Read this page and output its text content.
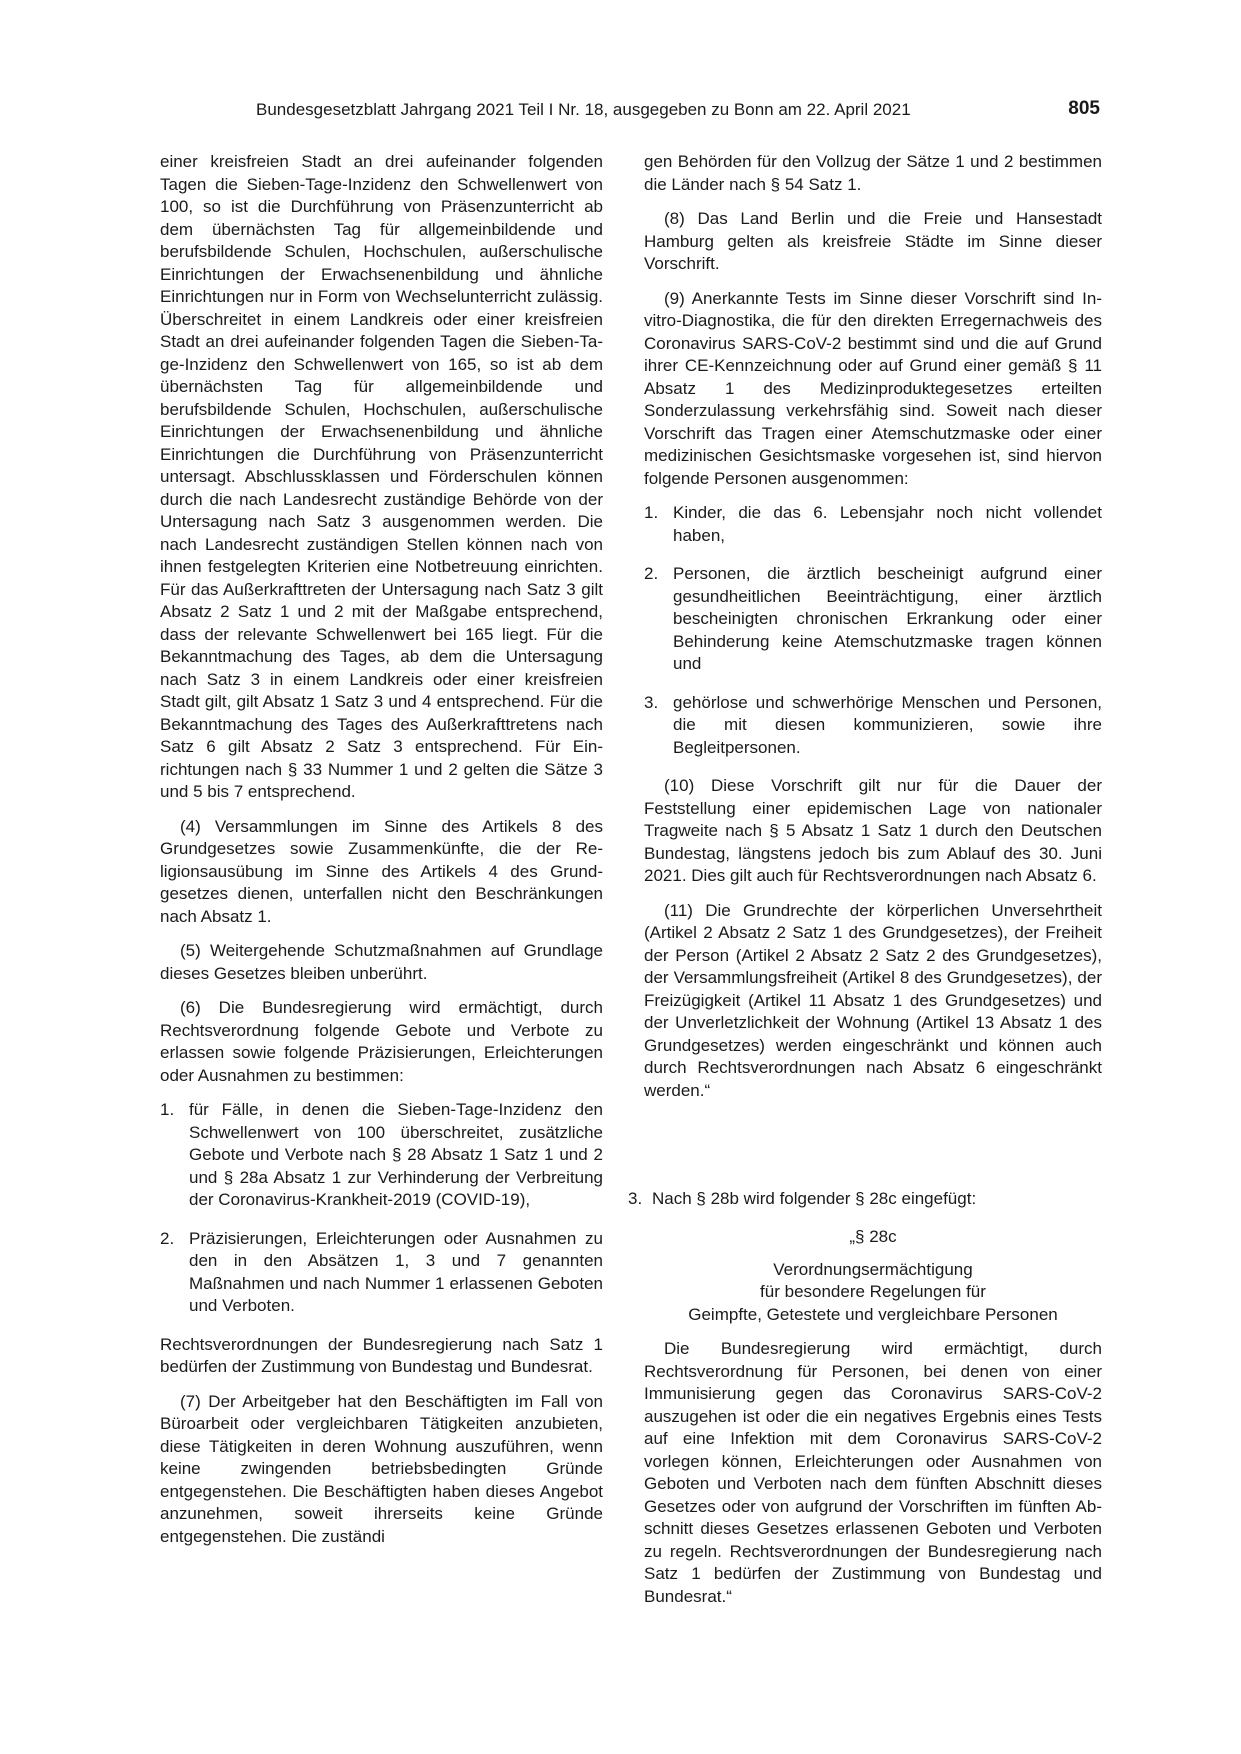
Bundesgesetzblatt Jahrgang 2021 Teil I Nr. 18, ausgegeben zu Bonn am 22. April 2021	805

einer kreisfreien Stadt an drei aufeinander folgenden Tagen die Sieben-Tage-Inzidenz den Schwellenwert von 100, so ist die Durchführung von Präsenzunterricht ab dem übernächsten Tag für allgemeinbildende und berufsbildende Schulen, Hochschulen, außerschulische Einrichtungen der Erwachsenenbildung und ähnliche Einrichtungen nur in Form von Wechselunterricht zulässig. Überschreitet in einem Landkreis oder einer kreisfreien Stadt an drei aufeinander folgenden Tagen die Sieben-Tage-Inzidenz den Schwellenwert von 165, so ist ab dem übernächsten Tag für allgemeinbildende und berufsbildende Schulen, Hochschulen, außerschulische Einrichtungen der Erwachsenenbildung und ähnliche Einrichtungen die Durchführung von Präsenzunterricht untersagt. Abschlussklassen und Förderschulen können durch die nach Landesrecht zuständige Behörde von der Untersagung nach Satz 3 ausgenommen werden. Die nach Landesrecht zuständigen Stellen können nach von ihnen festgelegten Kriterien eine Notbetreuung einrichten. Für das Außerkrafttreten der Untersagung nach Satz 3 gilt Absatz 2 Satz 1 und 2 mit der Maßgabe entsprechend, dass der relevante Schwellenwert bei 165 liegt. Für die Bekanntmachung des Tages, ab dem die Untersagung nach Satz 3 in einem Landkreis oder einer kreisfreien Stadt gilt, gilt Absatz 1 Satz 3 und 4 entsprechend. Für die Bekanntmachung des Tages des Außerkrafttretens nach Satz 6 gilt Absatz 2 Satz 3 entsprechend. Für Einrichtungen nach § 33 Nummer 1 und 2 gelten die Sätze 3 und 5 bis 7 entsprechend.

(4) Versammlungen im Sinne des Artikels 8 des Grundgesetzes sowie Zusammenkünfte, die der Religionsausübung im Sinne des Artikels 4 des Grundgesetzes dienen, unterfallen nicht den Beschränkungen nach Absatz 1.

(5) Weitergehende Schutzmaßnahmen auf Grundlage dieses Gesetzes bleiben unberührt.

(6) Die Bundesregierung wird ermächtigt, durch Rechtsverordnung folgende Gebote und Verbote zu erlassen sowie folgende Präzisierungen, Erleichterungen oder Ausnahmen zu bestimmen:

1. für Fälle, in denen die Sieben-Tage-Inzidenz den Schwellenwert von 100 überschreitet, zusätzliche Gebote und Verbote nach § 28 Absatz 1 Satz 1 und 2 und § 28a Absatz 1 zur Verhinderung der Verbreitung der Coronavirus-Krankheit-2019 (COVID-19),
2. Präzisierungen, Erleichterungen oder Ausnahmen zu den in den Absätzen 1, 3 und 7 genannten Maßnahmen und nach Nummer 1 erlassenen Geboten und Verboten.

Rechtsverordnungen der Bundesregierung nach Satz 1 bedürfen der Zustimmung von Bundestag und Bundesrat.

(7) Der Arbeitgeber hat den Beschäftigten im Fall von Büroarbeit oder vergleichbaren Tätigkeiten anzubieten, diese Tätigkeiten in deren Wohnung auszuführen, wenn keine zwingenden betriebsbedingten Gründe entgegenstehen. Die Beschäftigten haben dieses Angebot anzunehmen, soweit ihrerseits keine Gründe entgegenstehen. Die zuständi

gen Behörden für den Vollzug der Sätze 1 und 2 bestimmen die Länder nach § 54 Satz 1.

(8) Das Land Berlin und die Freie und Hansestadt Hamburg gelten als kreisfreie Städte im Sinne dieser Vorschrift.

(9) Anerkannte Tests im Sinne dieser Vorschrift sind In-vitro-Diagnostika, die für den direkten Erregernachweis des Coronavirus SARS-CoV-2 bestimmt sind und die auf Grund ihrer CE-Kennzeichnung oder auf Grund einer gemäß § 11 Absatz 1 des Medizinproduktegesetzes erteilten Sonderzulassung verkehrsfähig sind. Soweit nach dieser Vorschrift das Tragen einer Atemschutzmaske oder einer medizinischen Gesichtsmaske vorgesehen ist, sind hiervon folgende Personen ausgenommen:

1. Kinder, die das 6. Lebensjahr noch nicht vollendet haben,
2. Personen, die ärztlich bescheinigt aufgrund einer gesundheitlichen Beeinträchtigung, einer ärztlich bescheinigten chronischen Erkrankung oder einer Behinderung keine Atemschutzmaske tragen können und
3. gehörlose und schwerhörige Menschen und Personen, die mit diesen kommunizieren, sowie ihre Begleitpersonen.

(10) Diese Vorschrift gilt nur für die Dauer der Feststellung einer epidemischen Lage von nationaler Tragweite nach § 5 Absatz 1 Satz 1 durch den Deutschen Bundestag, längstens jedoch bis zum Ablauf des 30. Juni 2021. Dies gilt auch für Rechtsverordnungen nach Absatz 6.

(11) Die Grundrechte der körperlichen Unversehrtheit (Artikel 2 Absatz 2 Satz 1 des Grundgesetzes), der Freiheit der Person (Artikel 2 Absatz 2 Satz 2 des Grundgesetzes), der Versammlungsfreiheit (Artikel 8 des Grundgesetzes), der Freizügigkeit (Artikel 11 Absatz 1 des Grundgesetzes) und der Unverletzlichkeit der Wohnung (Artikel 13 Absatz 1 des Grundgesetzes) werden eingeschränkt und können auch durch Rechtsverordnungen nach Absatz 6 eingeschränkt werden.“

3. Nach § 28b wird folgender § 28c eingefügt:
„§ 28c
Verordnungsermächtigung
für besondere Regelungen für
Geimpfte, Getestete und vergleichbare Personen

Die Bundesregierung wird ermächtigt, durch Rechtsverordnung für Personen, bei denen von einer Immunisierung gegen das Coronavirus SARS-CoV-2 auszugehen ist oder die ein negatives Ergebnis eines Tests auf eine Infektion mit dem Coronavirus SARS-CoV-2 vorlegen können, Erleichterungen oder Ausnahmen von Geboten und Verboten nach dem fünften Abschnitt dieses Gesetzes oder von aufgrund der Vorschriften im fünften Abschnitt dieses Gesetzes erlassenen Geboten und Verboten zu regeln. Rechtsverordnungen der Bundesregierung nach Satz 1 bedürfen der Zustimmung von Bundestag und Bundesrat.“
